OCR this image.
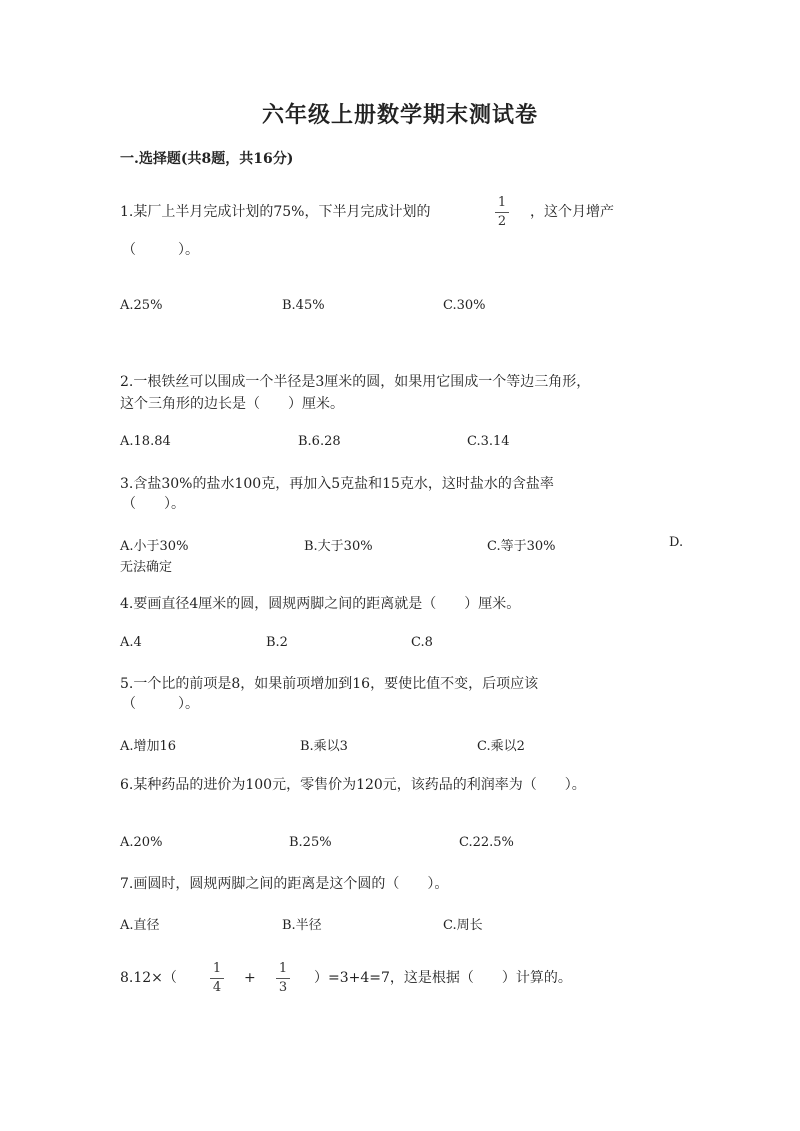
六年级上册数学期末测试卷
一.选择题(共8题，共16分)
1.某厂上半月完成计划的75%，下半月完成计划的
1
2
，这个月增产
（　　　）。
A.25%	B.45%	C.30%
2.一根铁丝可以围成一个半径是3厘米的圆，如果用它围成一个等边三角形，
这个三角形的边长是（　　）厘米。
A.18.84	B.6.28	C.3.14
3.含盐30%的盐水100克，再加入5克盐和15克水，这时盐水的含盐率
（　　）。
A.小于30%	B.大于30%	C.等于30%	D.
无法确定
4.要画直径4厘米的圆，圆规两脚之间的距离就是（　　）厘米。
A.4	B.2	C.8
5.一个比的前项是8，如果前项增加到16，要使比值不变，后项应该
（　　　）。
A.增加16	B.乘以3	C.乘以2
6.某种药品的进价为100元，零售价为120元，该药品的利润率为（　　）。
A.20%	B.25%	C.22.5%
7.画圆时，圆规两脚之间的距离是这个圆的（　　）。
A.直径	B.半径	C.周长
8.12×（
1
4
+
1
3
）=3+4=7，这是根据（　　）计算的。
